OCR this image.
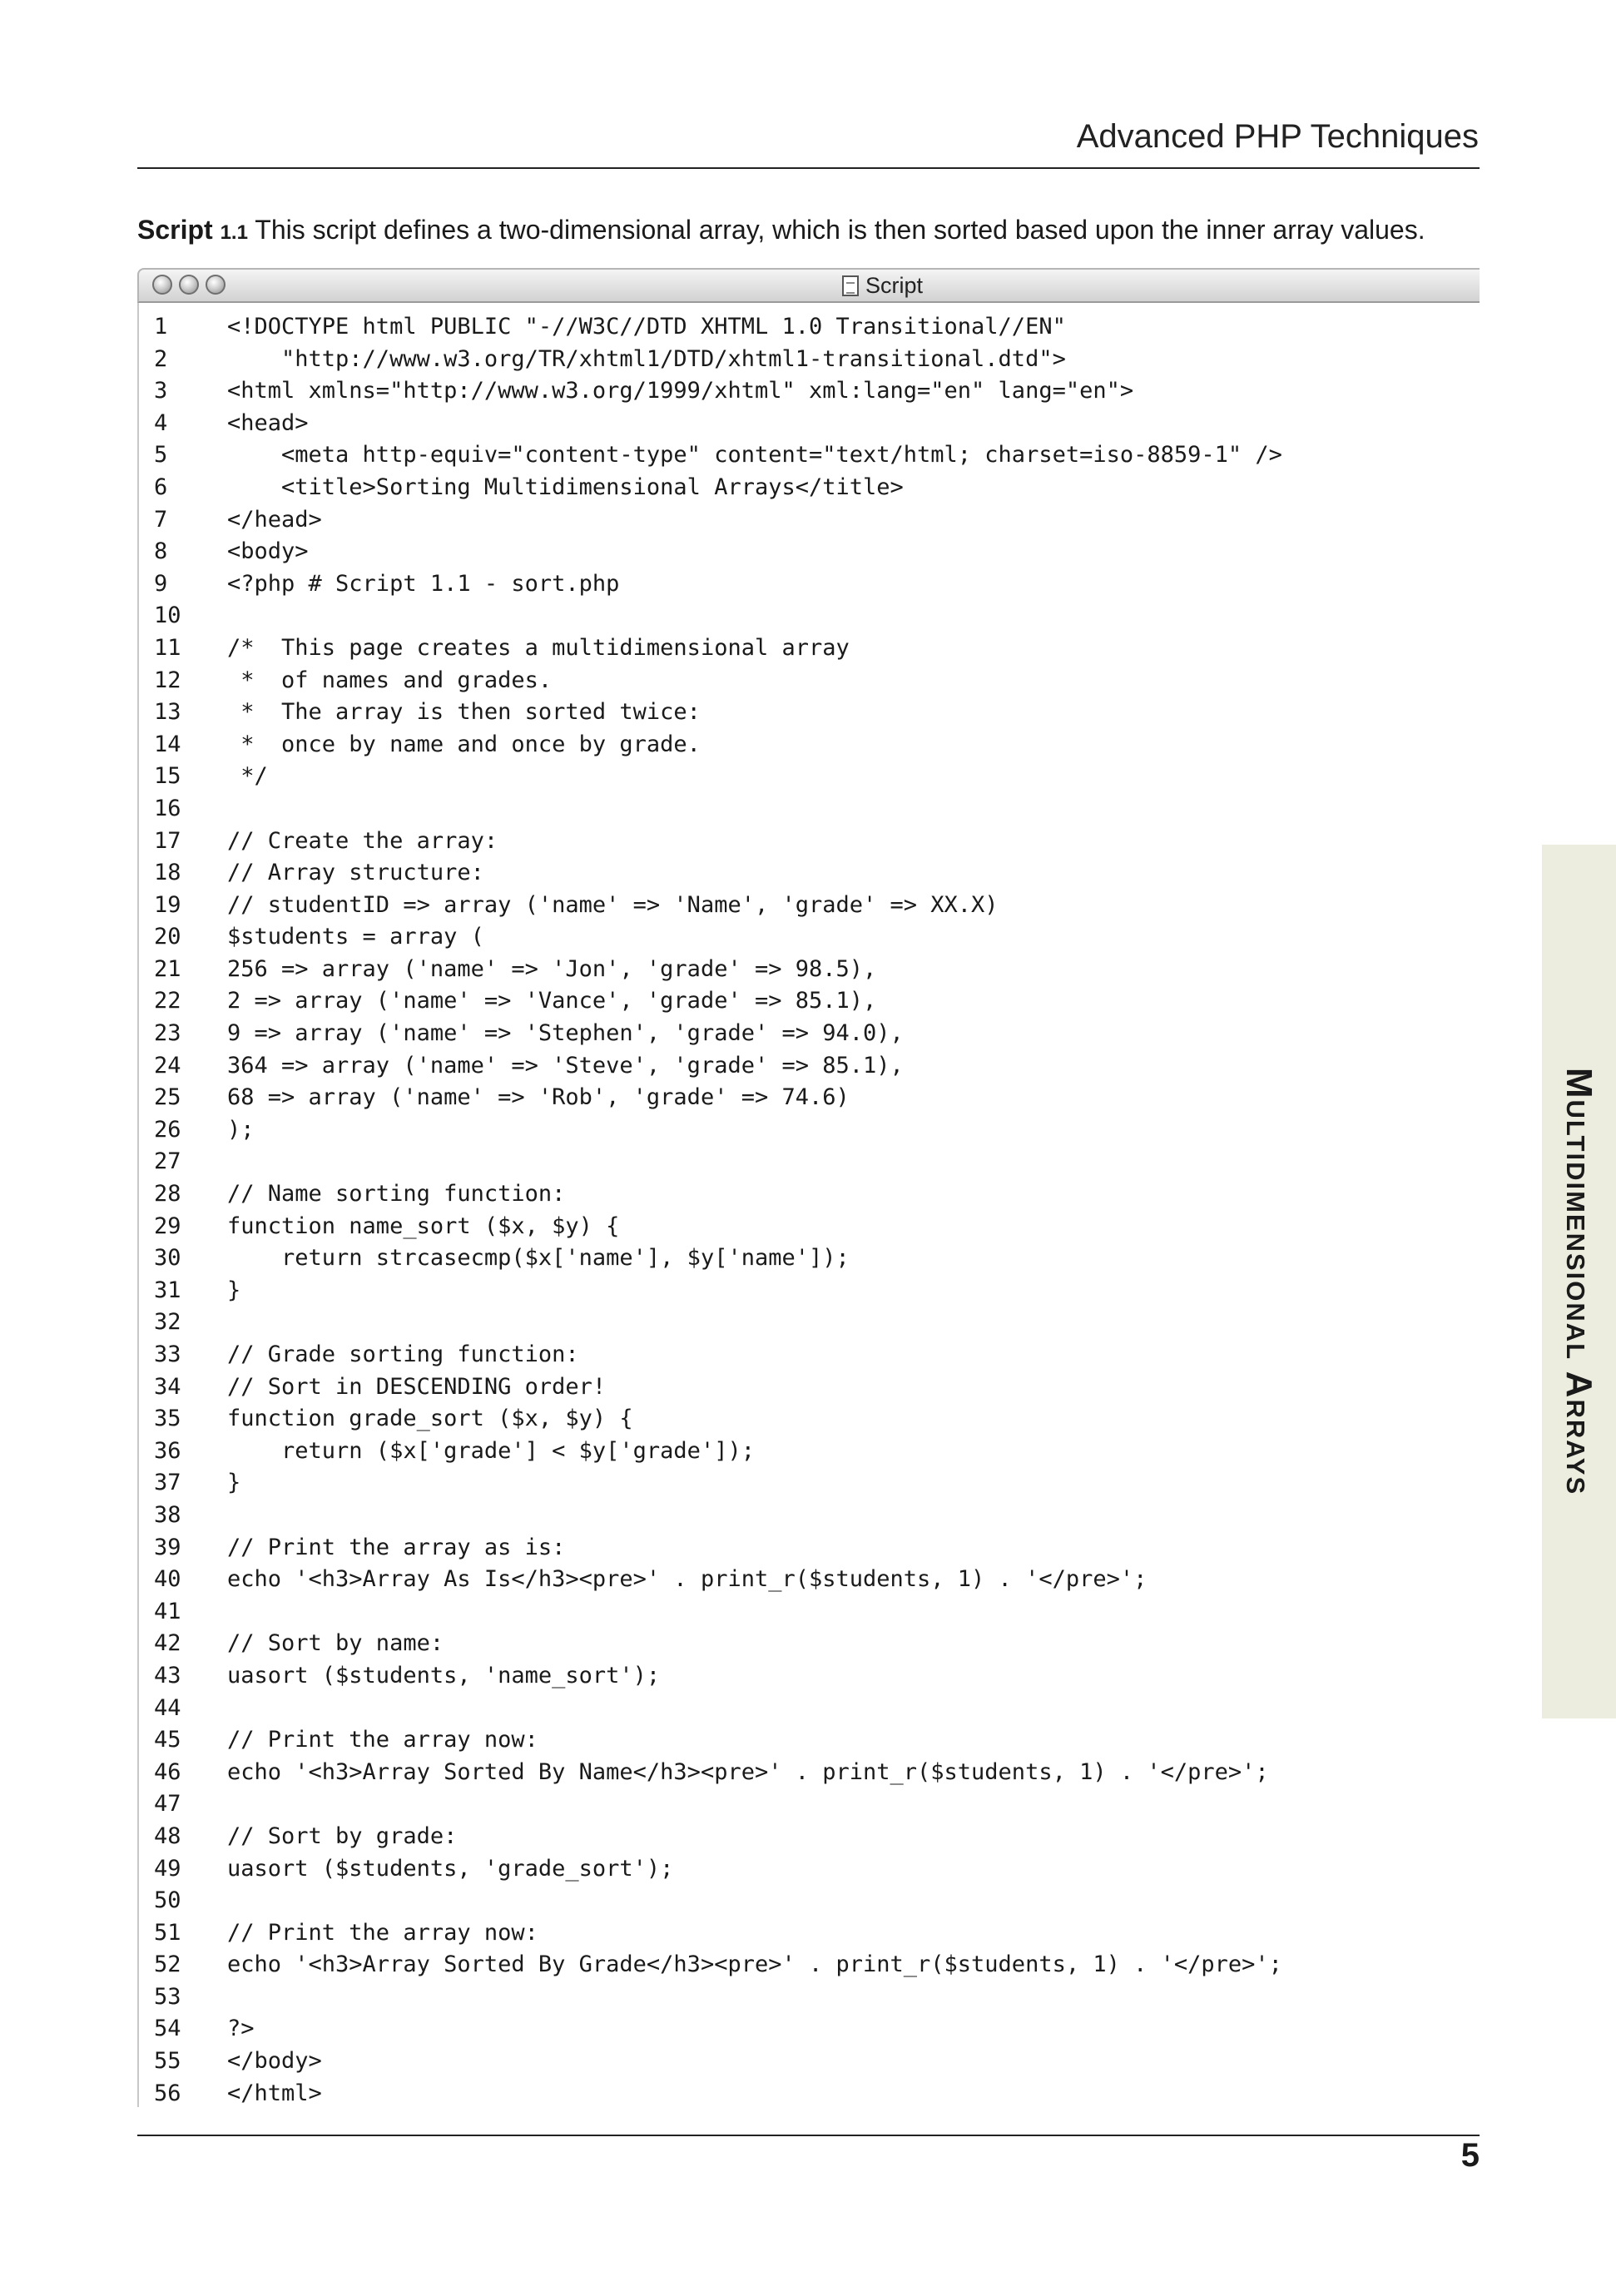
Advanced PHP Techniques
Script 1.1 This script defines a two-dimensional array, which is then sorted based upon the inner array values.
Script
1	<!DOCTYPE html PUBLIC "-//W3C//DTD XHTML 1.0 Transitional//EN"
2	"http://www.w3.org/TR/xhtml1/DTD/xhtml1-transitional.dtd">
3	<html xmlns="http://www.w3.org/1999/xhtml" xml:lang="en" lang="en">
4	<head>
5	<meta http-equiv="content-type" content="text/html; charset=iso-8859-1" />
6	<title>Sorting Multidimensional Arrays</title>
7	</head>
8	<body>
9	<?php # Script 1.1 - sort.php
10
11 /*  This page creates a multidimensional array
12 *  of names and grades.
13 *  The array is then sorted twice:
14 *  once by name and once by grade.
15 */
16
17 // Create the array:
18 // Array structure:
19 // studentID => array ('name' => 'Name', 'grade' => XX.X)
20 $students = array (
21 256 => array ('name' => 'Jon', 'grade' => 98.5),
22 2 => array ('name' => 'Vance', 'grade' => 85.1),
23 9 => array ('name' => 'Stephen', 'grade' => 94.0),
24 364 => array ('name' => 'Steve', 'grade' => 85.1),
25 68 => array ('name' => 'Rob', 'grade' => 74.6)
26 );
27
28 // Name sorting function:
29 function name_sort ($x, $y) {
30 return strcasecmp($x['name'], $y['name']);
31 }
32
33 // Grade sorting function:
34 // Sort in DESCENDING order!
35 function grade_sort ($x, $y) {
36 return ($x['grade'] < $y['grade']);
37 }
38
39 // Print the array as is:
40 echo '<h3>Array As Is</h3><pre>' . print_r($students, 1) . '</pre>';
41
42 // Sort by name:
43 uasort ($students, 'name_sort');
44
45 // Print the array now:
46 echo '<h3>Array Sorted By Name</h3><pre>' . print_r($students, 1) . '</pre>';
47
48 // Sort by grade:
49 uasort ($students, 'grade_sort');
50
51 // Print the array now:
52 echo '<h3>Array Sorted By Grade</h3><pre>' . print_r($students, 1) . '</pre>';
53
54 ?>
55 </body>
56 </html>
Multidimensional Arrays
5
